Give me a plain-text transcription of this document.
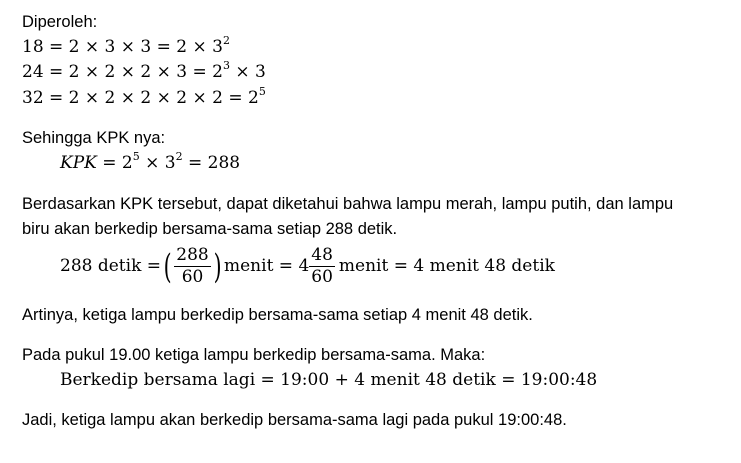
Diperoleh:
$18 = 2 \times 3 \times 3 = 2 \times 3^2$
$24 = 2 \times 2 \times 2 \times 3 = 2^3 \times 3$
$32 = 2 \times 2 \times 2 \times 2 \times 2 = 2^5$
Sehingga KPK nya:
KPK = $2^5 \times 3^2 = 288$
Berdasarkan KPK tersebut, dapat diketahui bahwa lampu merah, lampu putih, dan lampu
biru akan berkedip bersama-sama setiap 288 detik.
288 detik =( $\frac{288}{60}$ ) menit = $4 \frac{48}{60}$ menit = 4 menit 48 detik
Artinya, ketiga lampu berkedip bersama-sama setiap 4 menit 48 detik.
Pada pukul 19.00 ketiga lampu berkedip bersama-sama. Maka:
Berkedip bersama lagi = 19:00 + 4 menit 48 detik = 19:00:48
Jadi, ketiga lampu akan berkedip bersama-sama lagi pada pukul 19:00:48.
